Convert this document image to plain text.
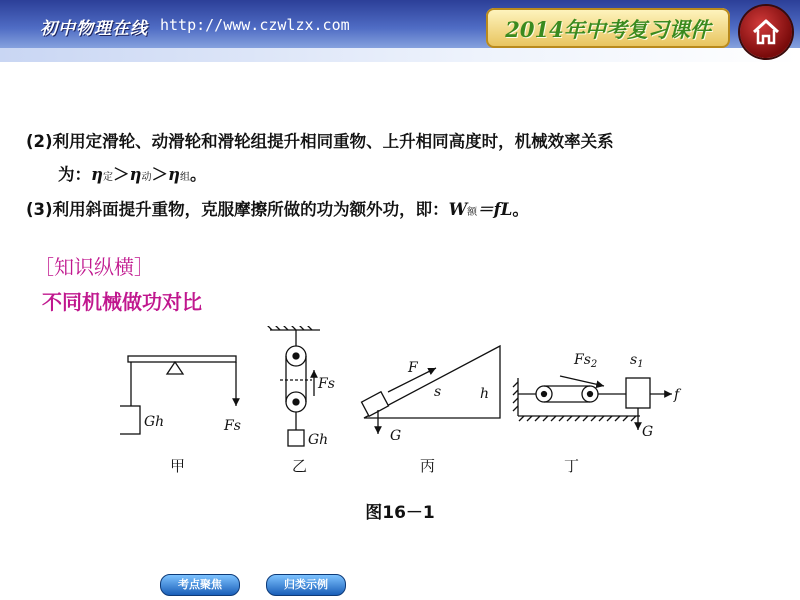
初中物理在线 http://www.czwlzx.com	2014年中考复习课件
(2)利用定滑轮、动滑轮和滑轮组提升相同重物、上升相同高度时，机械效率关系
为：η定＞η动＞η组。
(3)利用斜面提升重物，克服摩擦所做的功为额外功，即：W额＝fL。
［知识纵横］
不同机械做功对比
Gh	Fs
Fs
Gh
F
s	h
G
$Fs_2$ $s_1$
f
G
甲	乙	丙	丁
图16－1
考点聚焦	归类示例
